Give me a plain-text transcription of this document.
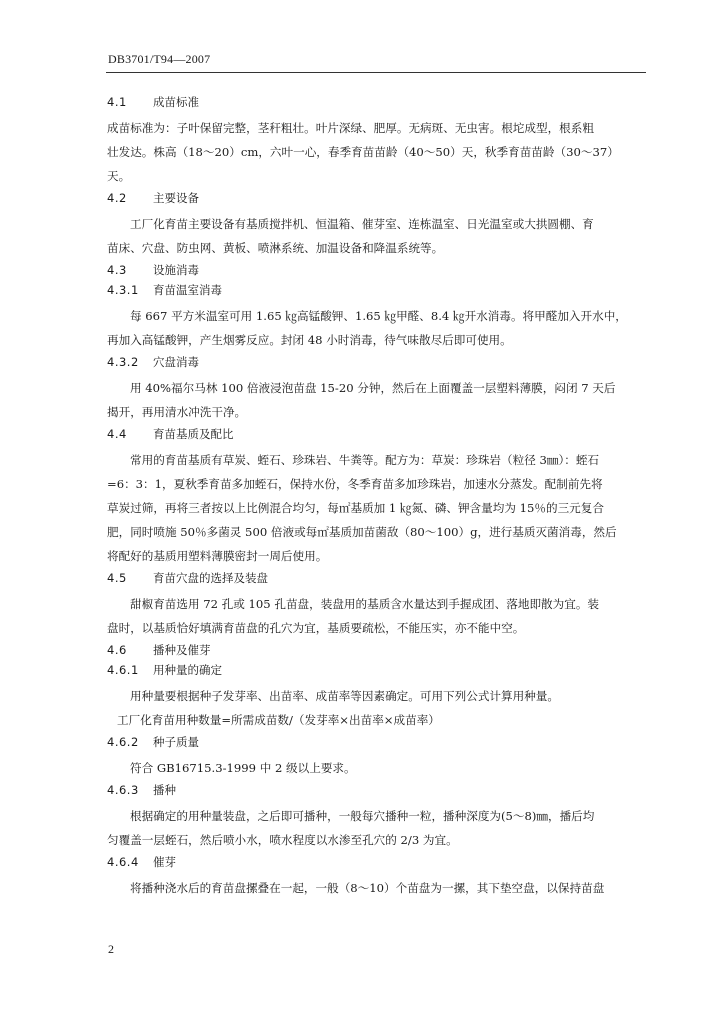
DB3701/T94—2007
4.1	成苗标准
成苗标准为：子叶保留完整，茎秆粗壮。叶片深绿、肥厚。无病斑、无虫害。根坨成型，根系粗
壮发达。株高（18～20）cm，六叶一心，春季育苗苗龄（40～50）天，秋季育苗苗龄（30～37）
天。
4.2	主要设备
工厂化育苗主要设备有基质搅拌机、恒温箱、催芽室、连栋温室、日光温室或大拱圆棚、育
苗床、穴盘、防虫网、黄板、喷淋系统、加温设备和降温系统等。
4.3	设施消毒
4.3.1	育苗温室消毒
每 667 平方米温室可用 1.65 ㎏高锰酸钾、1.65 ㎏甲醛、8.4 ㎏开水消毒。将甲醛加入开水中，
再加入高锰酸钾，产生烟雾反应。封闭 48 小时消毒，待气味散尽后即可使用。
4.3.2	穴盘消毒
用 40%福尔马林 100 倍液浸泡苗盘 15-20 分钟，然后在上面覆盖一层塑料薄膜，闷闭 7 天后
揭开，再用清水冲洗干净。
4.4	育苗基质及配比
常用的育苗基质有草炭、蛭石、珍珠岩、牛粪等。配方为：草炭：珍珠岩（粒径 3㎜）：蛭石
=6：3：1，夏秋季育苗多加蛭石，保持水份，冬季育苗多加珍珠岩，加速水分蒸发。配制前先将
草炭过筛，再将三者按以上比例混合均匀，每㎡基质加 1 ㎏氮、磷、钾含量均为 15％的三元复合
肥，同时喷施 50％多菌灵 500 倍液或每㎡基质加苗菌敌（80～100）g，进行基质灭菌消毒，然后
将配好的基质用塑料薄膜密封一周后使用。
4.5	育苗穴盘的选择及装盘
甜椒育苗选用 72 孔或 105 孔苗盘，装盘用的基质含水量达到手握成团、落地即散为宜。装
盘时，以基质恰好填满育苗盘的孔穴为宜，基质要疏松，不能压实，亦不能中空。
4.6	播种及催芽
4.6.1	用种量的确定
用种量要根据种子发芽率、出苗率、成苗率等因素确定。可用下列公式计算用种量。
工厂化育苗用种数量=所需成苗数/（发芽率×出苗率×成苗率）
4.6.2	种子质量
符合 GB16715.3-1999 中 2 级以上要求。
4.6.3	播种
根据确定的用种量装盘，之后即可播种，一般每穴播种一粒，播种深度为(5～8)㎜，播后均
匀覆盖一层蛭石，然后喷小水，喷水程度以水渗至孔穴的 2/3 为宜。
4.6.4	催芽
将播种浇水后的育苗盘摞叠在一起，一般（8～10）个苗盘为一摞，其下垫空盘，以保持苗盘
2
